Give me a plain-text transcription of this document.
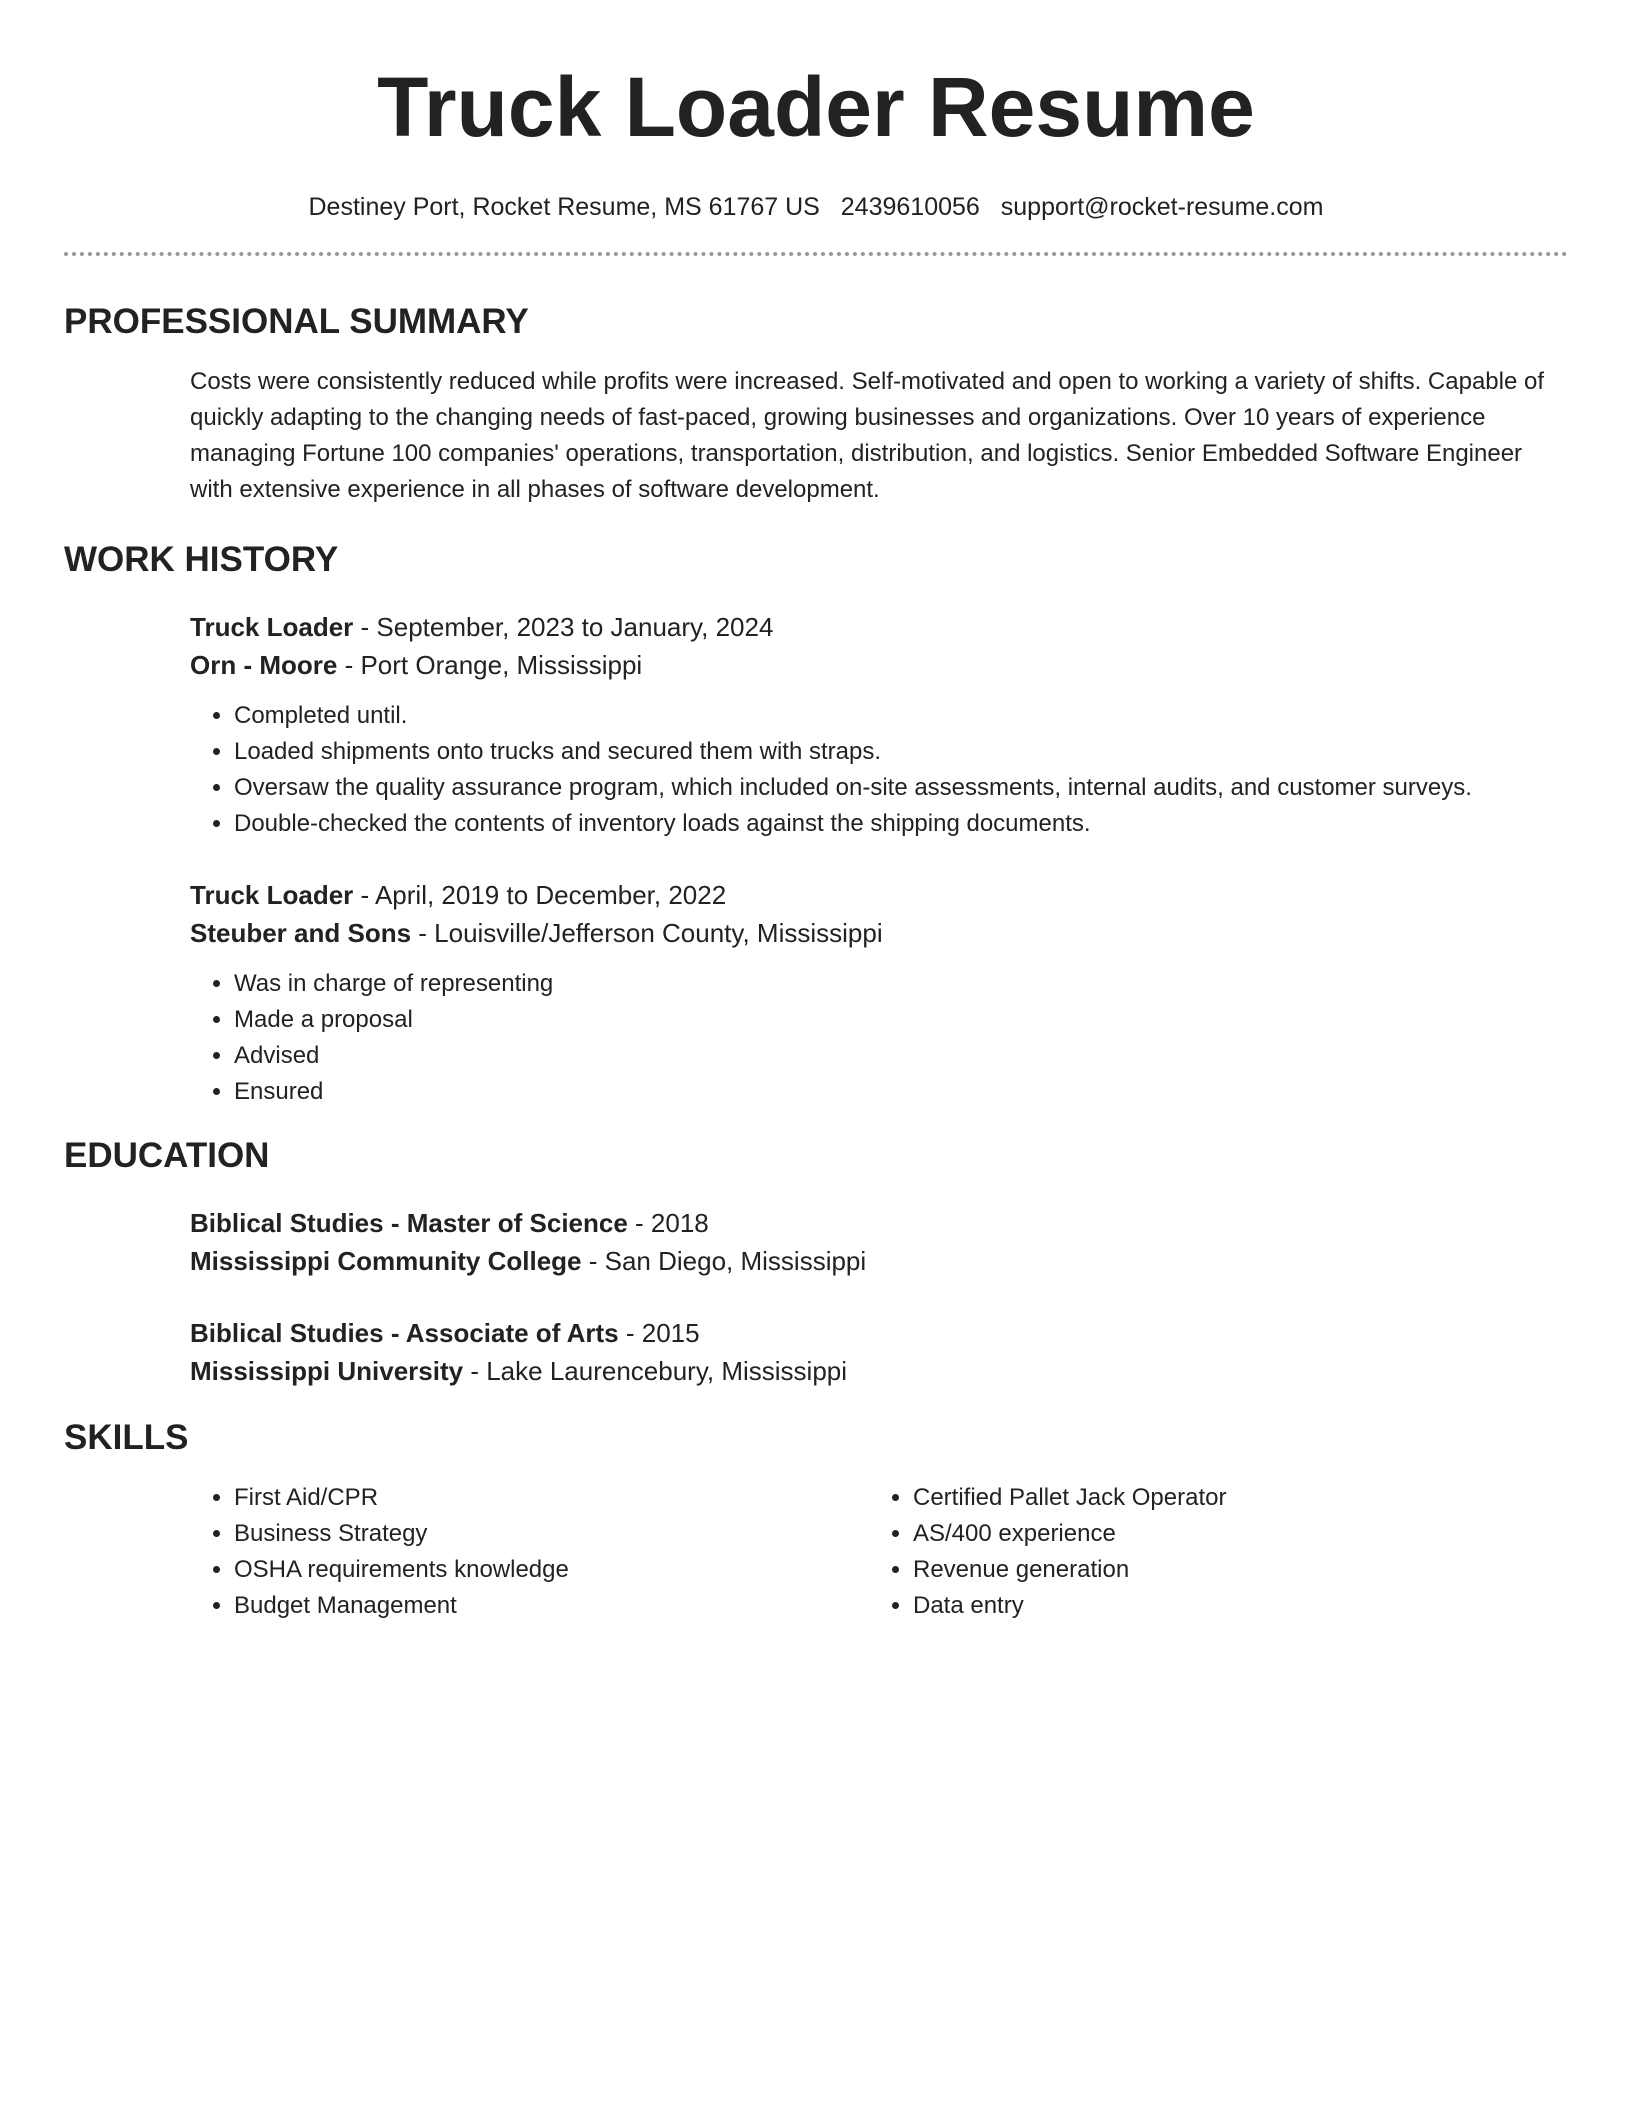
Truck Loader Resume
Destiney Port, Rocket Resume, MS 61767 US 2439610056 support@rocket-resume.com
PROFESSIONAL SUMMARY

Costs were consistently reduced while profits were increased. Self-motivated and open to working a variety of shifts. Capable of quickly adapting to the changing needs of fast-paced, growing businesses and organizations. Over 10 years of experience managing Fortune 100 companies' operations, transportation, distribution, and logistics. Senior Embedded Software Engineer with extensive experience in all phases of software development.

WORK HISTORY
Truck Loader - September, 2023 to January, 2024
Orn - Moore - Port Orange, Mississippi
• Completed until.
• Loaded shipments onto trucks and secured them with straps.
• Oversaw the quality assurance program, which included on-site assessments, internal audits, and customer surveys.
• Double-checked the contents of inventory loads against the shipping documents.
Truck Loader - April, 2019 to December, 2022
Steuber and Sons - Louisville/Jefferson County, Mississippi
• Was in charge of representing
• Made a proposal
• Advised
• Ensured
EDUCATION
Biblical Studies - Master of Science - 2018
Mississippi Community College - San Diego, Mississippi
Biblical Studies - Associate of Arts - 2015
Mississippi University - Lake Laurencebury, Mississippi
SKILLS
• First Aid/CPR
• Business Strategy
• OSHA requirements knowledge
• Budget Management
• Certified Pallet Jack Operator
• AS/400 experience
• Revenue generation
• Data entry
